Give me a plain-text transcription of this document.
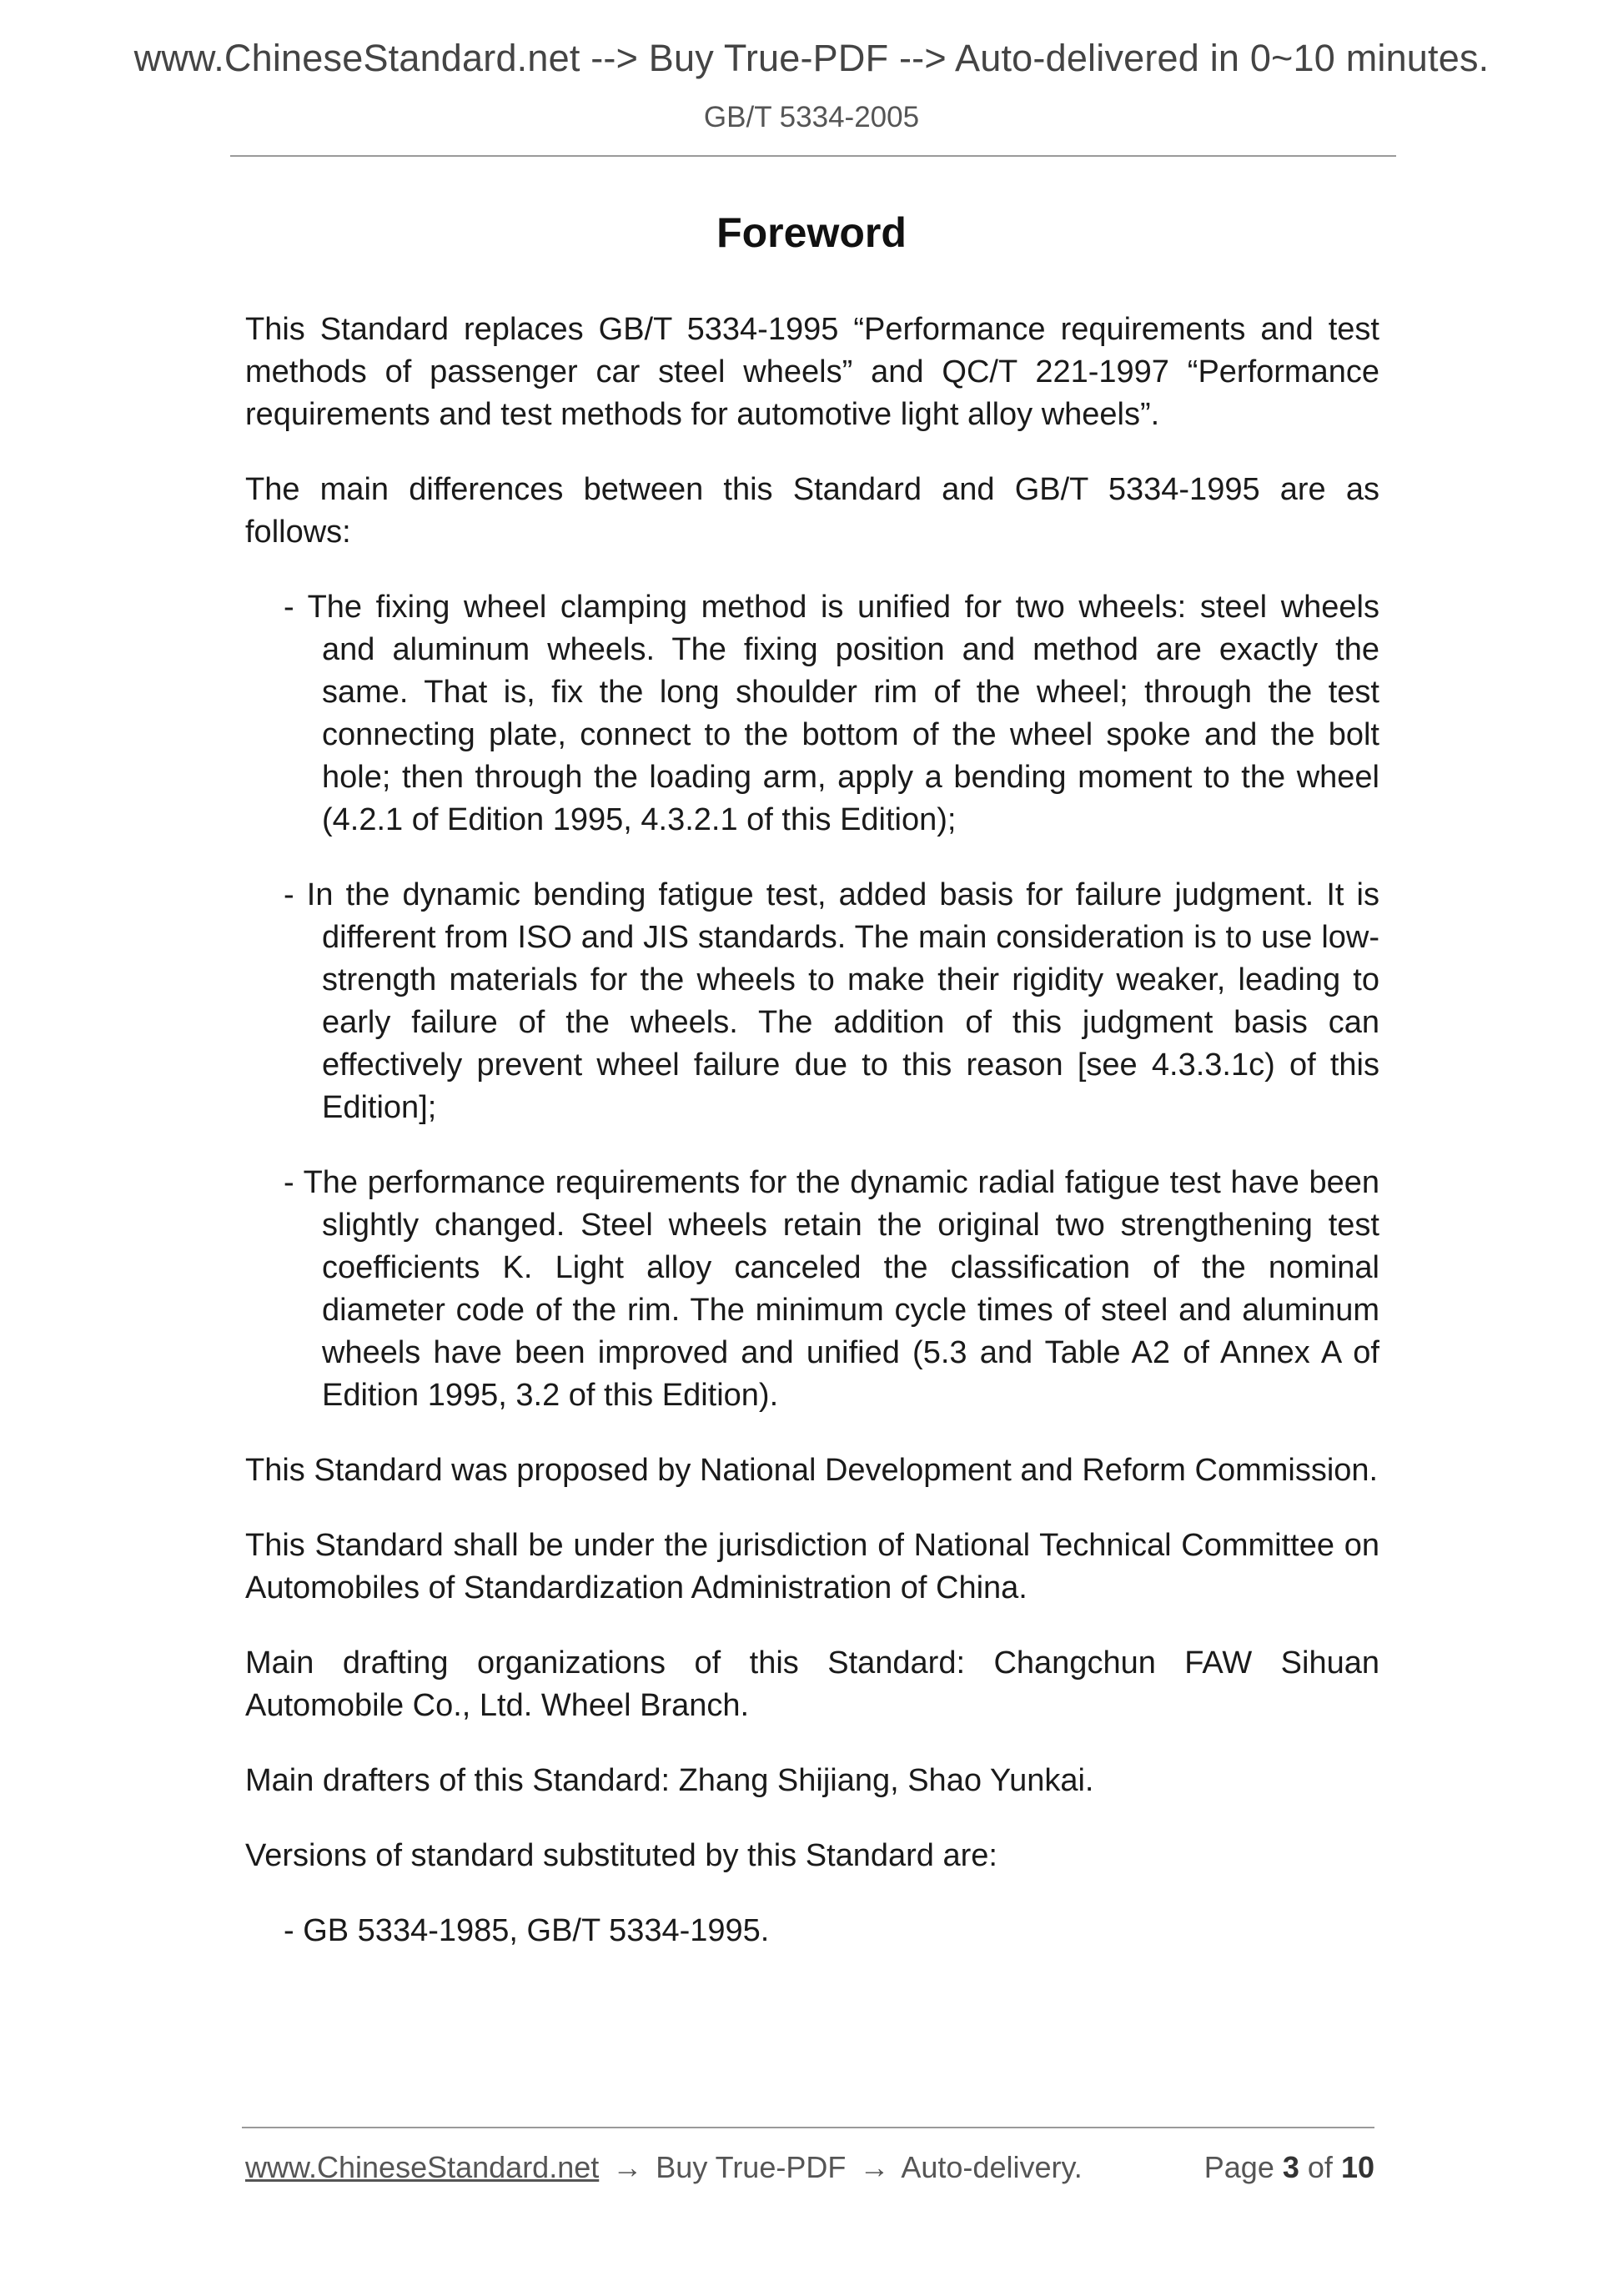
www.ChineseStandard.net --> Buy True-PDF --> Auto-delivered in 0~10 minutes.
GB/T 5334-2005
Foreword

This Standard replaces GB/T 5334-1995 “Performance requirements and test methods of passenger car steel wheels” and QC/T 221-1997 “Performance requirements and test methods for automotive light alloy wheels”.

The main differences between this Standard and GB/T 5334-1995 are as follows:

- The fixing wheel clamping method is unified for two wheels: steel wheels and aluminum wheels. The fixing position and method are exactly the same. That is, fix the long shoulder rim of the wheel; through the test connecting plate, connect to the bottom of the wheel spoke and the bolt hole; then through the loading arm, apply a bending moment to the wheel (4.2.1 of Edition 1995, 4.3.2.1 of this Edition);

- In the dynamic bending fatigue test, added basis for failure judgment. It is different from ISO and JIS standards. The main consideration is to use low-strength materials for the wheels to make their rigidity weaker, leading to early failure of the wheels. The addition of this judgment basis can effectively prevent wheel failure due to this reason [see 4.3.3.1c) of this Edition];

- The performance requirements for the dynamic radial fatigue test have been slightly changed. Steel wheels retain the original two strengthening test coefficients K. Light alloy canceled the classification of the nominal diameter code of the rim. The minimum cycle times of steel and aluminum wheels have been improved and unified (5.3 and Table A2 of Annex A of Edition 1995, 3.2 of this Edition).

This Standard was proposed by National Development and Reform Commission.

This Standard shall be under the jurisdiction of National Technical Committee on Automobiles of Standardization Administration of China.

Main drafting organizations of this Standard: Changchun FAW Sihuan Automobile Co., Ltd. Wheel Branch.

Main drafters of this Standard: Zhang Shijiang, Shao Yunkai.

Versions of standard substituted by this Standard are:

- GB 5334-1985, GB/T 5334-1995.

www.ChineseStandard.net → Buy True-PDF → Auto-delivery.	Page 3 of 10
